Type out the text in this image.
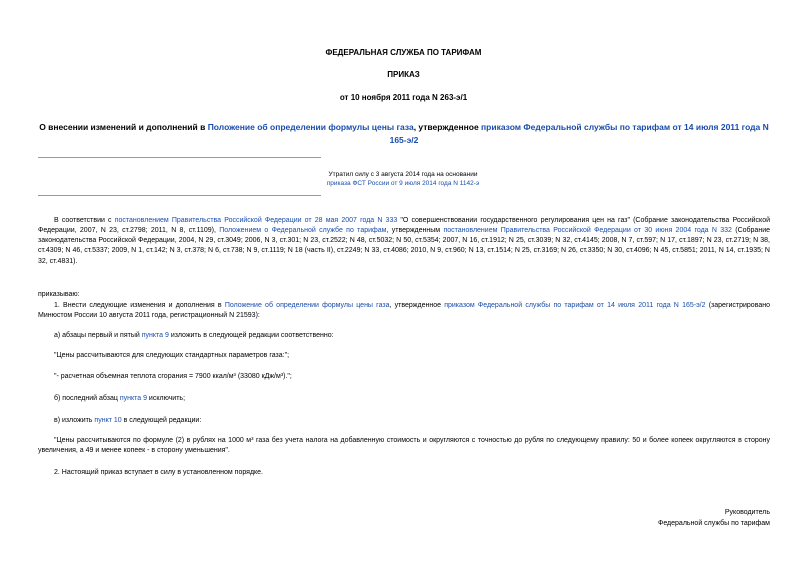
ФЕДЕРАЛЬНАЯ СЛУЖБА ПО ТАРИФАМ
ПРИКАЗ
от 10 ноября 2011 года N 263-э/1
О внесении изменений и дополнений в Положение об определении формулы цены газа, утвержденное приказом Федеральной службы по тарифам от 14 июля 2011 года N 165-э/2
Утратил силу с 3 августа 2014 года на основании
приказа ФСТ России от 9 июля 2014 года N 1142-э
В соответствии с постановлением Правительства Российской Федерации от 28 мая 2007 года N 333 "О совершенствовании государственного регулирования цен на газ" (Собрание законодательства Российской Федерации, 2007, N 23, ст.2798; 2011, N 8, ст.1109), Положением о Федеральной службе по тарифам, утвержденным постановлением Правительства Российской Федерации от 30 июня 2004 года N 332 (Собрание законодательства Российской Федерации, 2004, N 29, ст.3049; 2006, N 3, ст.301; N 23, ст.2522; N 48, ст.5032; N 50, ст.5354; 2007, N 16, ст.1912; N 25, ст.3039; N 32, ст.4145; 2008, N 7, ст.597; N 17, ст.1897; N 23, ст.2719; N 38, ст.4309; N 46, ст.5337; 2009, N 1, ст.142; N 3, ст.378; N 6, ст.738; N 9, ст.1119; N 18 (часть II), ст.2249; N 33, ст.4086; 2010, N 9, ст.960; N 13, ст.1514; N 25, ст.3169; N 26, ст.3350; N 30, ст.4096; N 45, ст.5851; 2011, N 14, ст.1935; N 32, ст.4831).
приказываю:
1. Внести следующие изменения и дополнения в Положение об определении формулы цены газа, утвержденное приказом Федеральной службы по тарифам от 14 июля 2011 года N 165-э/2 (зарегистрировано Минюстом России 10 августа 2011 года, регистрационный N 21593):
а) абзацы первый и пятый пункта 9 изложить в следующей редакции соответственно:
"Цены рассчитываются для следующих стандартных параметров газа:";
"- расчетная объемная теплота сгорания = 7900 ккал/м³ (33080 кДж/м³).";
б) последний абзац пункта 9 исключить;
в) изложить пункт 10 в следующей редакции:
"Цены рассчитываются по формуле (2) в рублях на 1000 м³ газа без учета налога на добавленную стоимость и округляются с точностью до рубля по следующему правилу: 50 и более копеек округляются в сторону увеличения, а 49 и менее копеек - в сторону уменьшения".
2. Настоящий приказ вступает в силу в установленном порядке.
Руководитель
Федеральной службы по тарифам
